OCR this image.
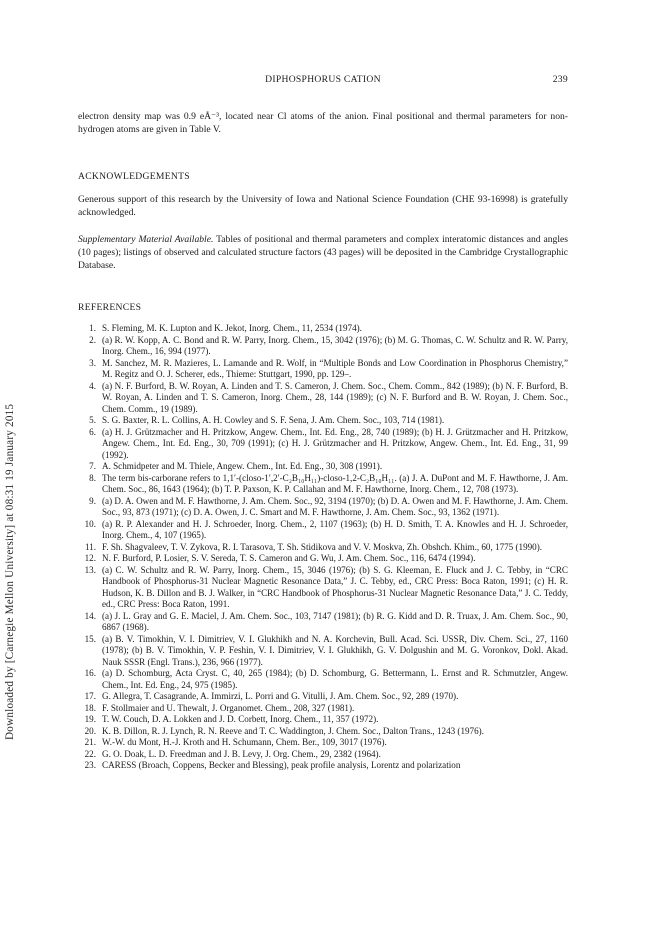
DIPHOSPHORUS CATION	239
Downloaded by [Carnegie Mellon University] at 08:31 19 January 2015

electron density map was 0.9 eÅ⁻³, located near Cl atoms of the anion. Final positional and thermal parameters for non-hydrogen atoms are given in Table V.

ACKNOWLEDGEMENTS

Generous support of this research by the University of Iowa and National Science Foundation (CHE 93-16998) is gratefully acknowledged.

Supplementary Material Available. Tables of positional and thermal parameters and complex interatomic distances and angles (10 pages); listings of observed and calculated structure factors (43 pages) will be deposited in the Cambridge Crystallographic Database.

REFERENCES
1. S. Fleming, M. K. Lupton and K. Jekot, Inorg. Chem., 11, 2534 (1974).
2. (a) R. W. Kopp, A. C. Bond and R. W. Parry, Inorg. Chem., 15, 3042 (1976); (b) M. G. Thomas, C. W. Schultz and R. W. Parry, Inorg. Chem., 16, 994 (1977).
3. M. Sanchez, M. R. Mazieres, L. Lamande and R. Wolf, in “Multiple Bonds and Low Coordination in Phosphorus Chemistry,” M. Regitz and O. J. Scherer, eds., Thieme: Stuttgart, 1990, pp. 129–.
4. (a) N. F. Burford, B. W. Royan, A. Linden and T. S. Cameron, J. Chem. Soc., Chem. Comm., 842 (1989); (b) N. F. Burford, B. W. Royan, A. Linden and T. S. Cameron, Inorg. Chem., 28, 144 (1989); (c) N. F. Burford and B. W. Royan, J. Chem. Soc., Chem. Comm., 19 (1989).
5. S. G. Baxter, R. L. Collins, A. H. Cowley and S. F. Sena, J. Am. Chem. Soc., 103, 714 (1981).
6. (a) H. J. Grützmacher and H. Pritzkow, Angew. Chem., Int. Ed. Eng., 28, 740 (1989); (b) H. J. Grützmacher and H. Pritzkow, Angew. Chem., Int. Ed. Eng., 30, 709 (1991); (c) H. J. Grützmacher and H. Pritzkow, Angew. Chem., Int. Ed. Eng., 31, 99 (1992).
7. A. Schmidpeter and M. Thiele, Angew. Chem., Int. Ed. Eng., 30, 308 (1991).
8. The term bis-carborane refers to 1,1′-(closo-1′,2′-C₂B₁₀H₁₁)-closo-1,2-C₂B₁₀H₁₁. (a) J. A. DuPont and M. F. Hawthorne, J. Am. Chem. Soc., 86, 1643 (1964); (b) T. P. Paxson, K. P. Callahan and M. F. Hawthorne, Inorg. Chem., 12, 708 (1973).
9. (a) D. A. Owen and M. F. Hawthorne, J. Am. Chem. Soc., 92, 3194 (1970); (b) D. A. Owen and M. F. Hawthorne, J. Am. Chem. Soc., 93, 873 (1971); (c) D. A. Owen, J. C. Smart and M. F. Hawthorne, J. Am. Chem. Soc., 93, 1362 (1971).
10. (a) R. P. Alexander and H. J. Schroeder, Inorg. Chem., 2, 1107 (1963); (b) H. D. Smith, T. A. Knowles and H. J. Schroeder, Inorg. Chem., 4, 107 (1965).
11. F. Sh. Shagvaleev, T. V. Zykova, R. I. Tarasova, T. Sh. Stidikova and V. V. Moskva, Zh. Obshch. Khim., 60, 1775 (1990).
12. N. F. Burford, P. Losier, S. V. Sereda, T. S. Cameron and G. Wu, J. Am. Chem. Soc., 116, 6474 (1994).
13. (a) C. W. Schultz and R. W. Parry, Inorg. Chem., 15, 3046 (1976); (b) S. G. Kleeman, E. Fluck and J. C. Tebby, in “CRC Handbook of Phosphorus-31 Nuclear Magnetic Resonance Data,” J. C. Tebby, ed., CRC Press: Boca Raton, 1991; (c) H. R. Hudson, K. B. Dillon and B. J. Walker, in “CRC Handbook of Phosphorus-31 Nuclear Magnetic Resonance Data,” J. C. Teddy, ed., CRC Press: Boca Raton, 1991.
14. (a) J. L. Gray and G. E. Maciel, J. Am. Chem. Soc., 103, 7147 (1981); (b) R. G. Kidd and D. R. Truax, J. Am. Chem. Soc., 90, 6867 (1968).
15. (a) B. V. Timokhin, V. I. Dimitriev, V. I. Glukhikh and N. A. Korchevin, Bull. Acad. Sci. USSR, Div. Chem. Sci., 27, 1160 (1978); (b) B. V. Timokhin, V. P. Feshin, V. I. Dimitriev, V. I. Glukhikh, G. V. Dolgushin and M. G. Voronkov, Dokl. Akad. Nauk SSSR (Engl. Trans.), 236, 966 (1977).
16. (a) D. Schomburg, Acta Cryst. C, 40, 265 (1984); (b) D. Schomburg, G. Bettermann, L. Ernst and R. Schmutzler, Angew. Chem., Int. Ed. Eng., 24, 975 (1985).
17. G. Allegra, T. Casagrande, A. Immirzi, L. Porri and G. Vitulli, J. Am. Chem. Soc., 92, 289 (1970).
18. F. Stollmaier and U. Thewalt, J. Organomet. Chem., 208, 327 (1981).
19. T. W. Couch, D. A. Lokken and J. D. Corbett, Inorg. Chem., 11, 357 (1972).
20. K. B. Dillon, R. J. Lynch, R. N. Reeve and T. C. Waddington, J. Chem. Soc., Dalton Trans., 1243 (1976).
21. W.-W. du Mont, H.-J. Kroth and H. Schumann, Chem. Ber., 109, 3017 (1976).
22. G. O. Doak, L. D. Freedman and J. B. Levy, J. Org. Chem., 29, 2382 (1964).
23. CARESS (Broach, Coppens, Becker and Blessing), peak profile analysis, Lorentz and polarization
